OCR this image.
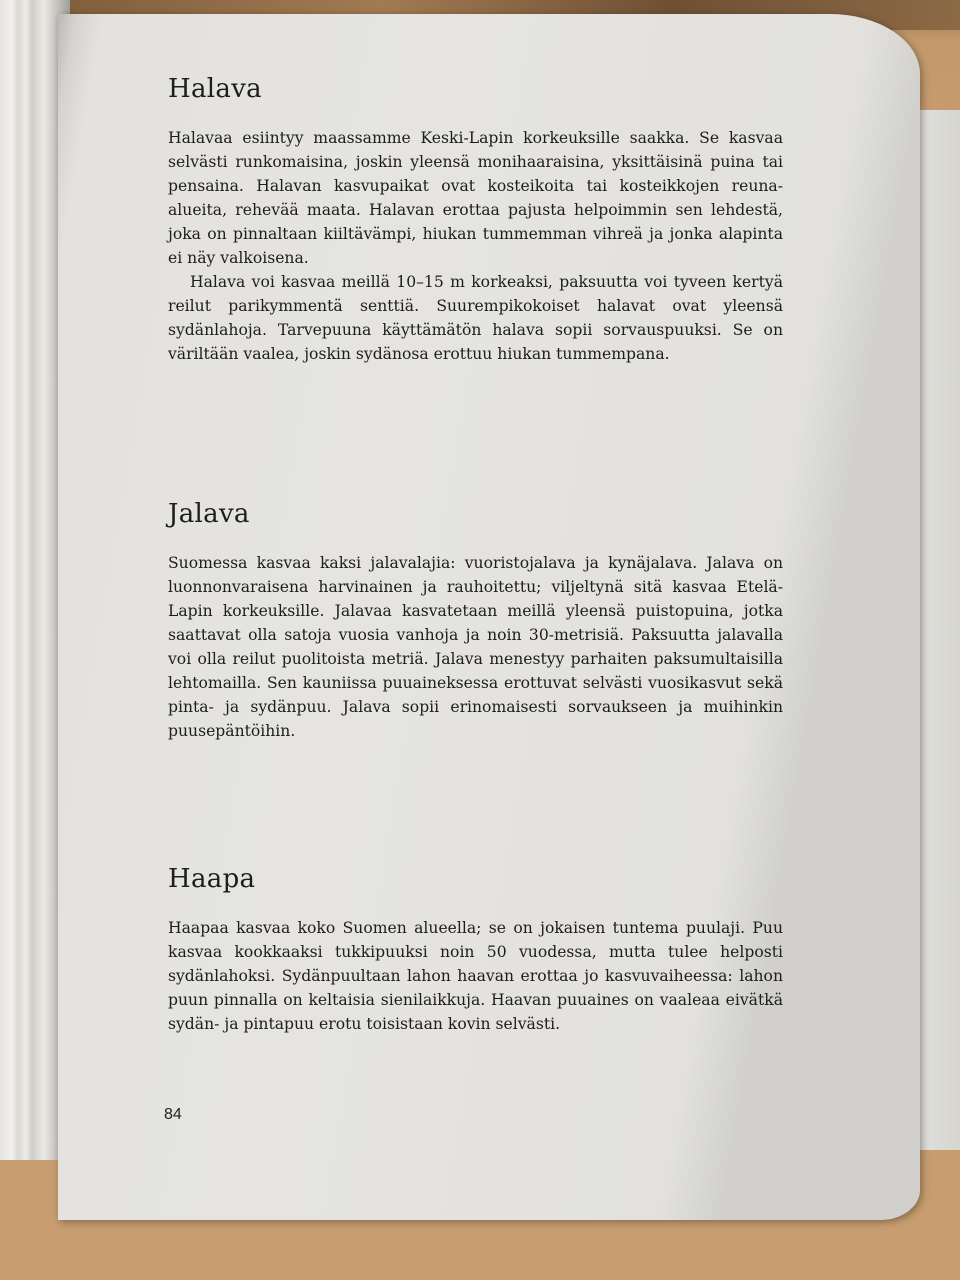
Halava

Halavaa esiintyy maassamme Keski-Lapin korkeuksille saakka. Se kasvaa selvästi runkomaisina, joskin yleensä monihaaraisina, yksittäisinä puina tai pensaina. Halavan kasvupaikat ovat kosteikoita tai kosteikkojen reuna-alueita, rehevää maata. Halavan erottaa pajusta helpoimmin sen lehdestä, joka on pinnaltaan kiiltävämpi, hiukan tummemman vihreä ja jonka alapinta ei näy valkoisena.

Halava voi kasvaa meillä 10–15 m korkeaksi, paksuutta voi tyveen kertyä reilut parikymmentä senttiä. Suurempikokoiset halavat ovat yleensä sydänlahoja. Tarvepuuna käyttämätön halava sopii sorvauspuuksi. Se on väriltään vaalea, joskin sydänosa erottuu hiukan tummempana.

Jalava

Suomessa kasvaa kaksi jalavalajia: vuoristojalava ja kynäjalava. Jalava on luonnonvaraisena harvinainen ja rauhoitettu; viljeltynä sitä kasvaa Etelä-Lapin korkeuksille. Jalavaa kasvatetaan meillä yleensä puistopuina, jotka saattavat olla satoja vuosia vanhoja ja noin 30-metrisiä. Paksuutta jalavalla voi olla reilut puolitoista metriä. Jalava menestyy parhaiten paksumultaisilla lehtomailla. Sen kauniissa puuaineksessa erottuvat selvästi vuosikasvut sekä pinta- ja sydänpuu. Jalava sopii erinomaisesti sorvaukseen ja muihinkin puusepäntöihin.

Haapa

Haapaa kasvaa koko Suomen alueella; se on jokaisen tuntema puulaji. Puu kasvaa kookkaaksi tukkipuuksi noin 50 vuodessa, mutta tulee helposti sydänlahoksi. Sydänpuultaan lahon haavan erottaa jo kasvuvaiheessa: lahon puun pinnalla on keltaisia sienilaikkuja. Haavan puuaines on vaaleaa eivätkä sydän- ja pintapuu erotu toisistaan kovin selvästi.

84
